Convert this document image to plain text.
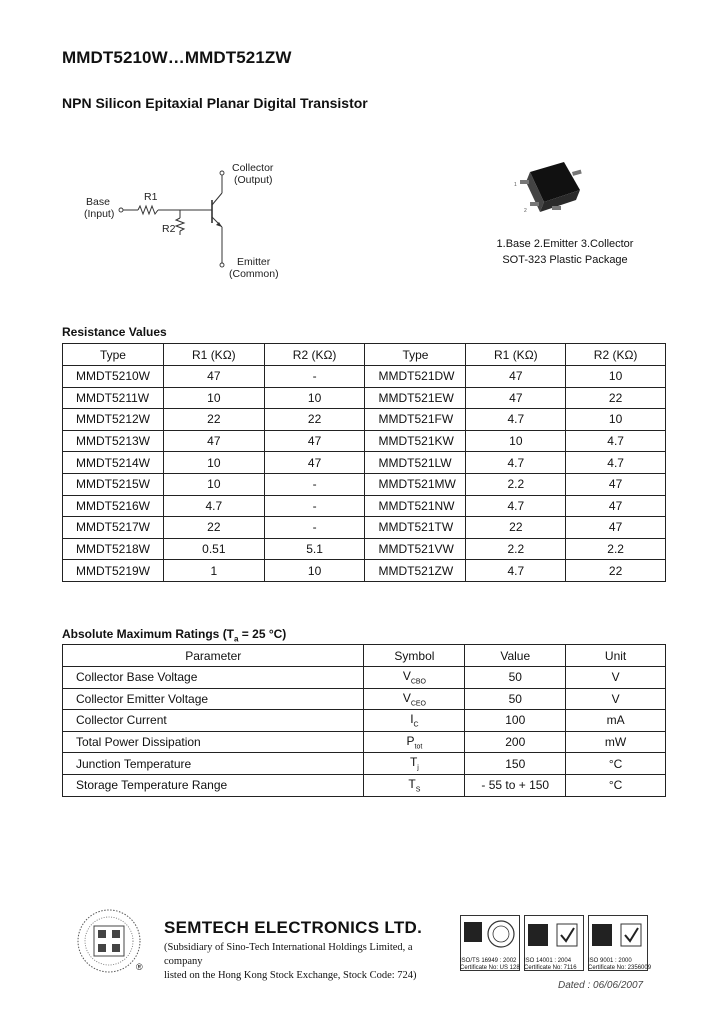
MMDT5210W…MMDT521ZW
NPN Silicon Epitaxial Planar Digital Transistor
Base
(Input)
R1
R2
Collector
(Output)
Emitter
(Common)
1
2
1.Base 2.Emitter 3.Collector
SOT-323 Plastic Package
Resistance Values
Type	R1 (KΩ)	R2 (KΩ)	Type	R1 (KΩ)	R2 (KΩ)
MMDT5210W	47	-	MMDT521DW	47	10
MMDT5211W	10	10	MMDT521EW	47	22
MMDT5212W	22	22	MMDT521FW	4.7	10
MMDT5213W	47	47	MMDT521KW	10	4.7
MMDT5214W	10	47	MMDT521LW	4.7	4.7
MMDT5215W	10	-	MMDT521MW	2.2	47
MMDT5216W	4.7	-	MMDT521NW	4.7	47
MMDT5217W	22	-	MMDT521TW	22	47
MMDT5218W	0.51	5.1	MMDT521VW	2.2	2.2
MMDT5219W	1	10	MMDT521ZW	4.7	22
Absolute Maximum Ratings ($T_a = 25$ °C)
Parameter	Symbol	Value	Unit
Collector Base Voltage	$V_{CBO}$	50	V
Collector Emitter Voltage	$V_{CEO}$	50	V
Collector Current	$I_C$	100	mA
Total Power Dissipation	$P_{tot}$	200	mW
Junction Temperature	$T_j$	150	°C
Storage Temperature Range	$T_S$	- 55 to + 150	°C
®
SEMTECH ELECTRONICS LTD.
(Subsidiary of Sino-Tech International Holdings Limited, a company
listed on the Hong Kong Stock Exchange, Stock Code: 724)
ISO/TS 16949 : 2002
Certificate No: US 128
ISO 14001 : 2004
Certificate No: 7116
ISO 9001 : 2000
Certificate No: 2356009
Dated : 06/06/2007
